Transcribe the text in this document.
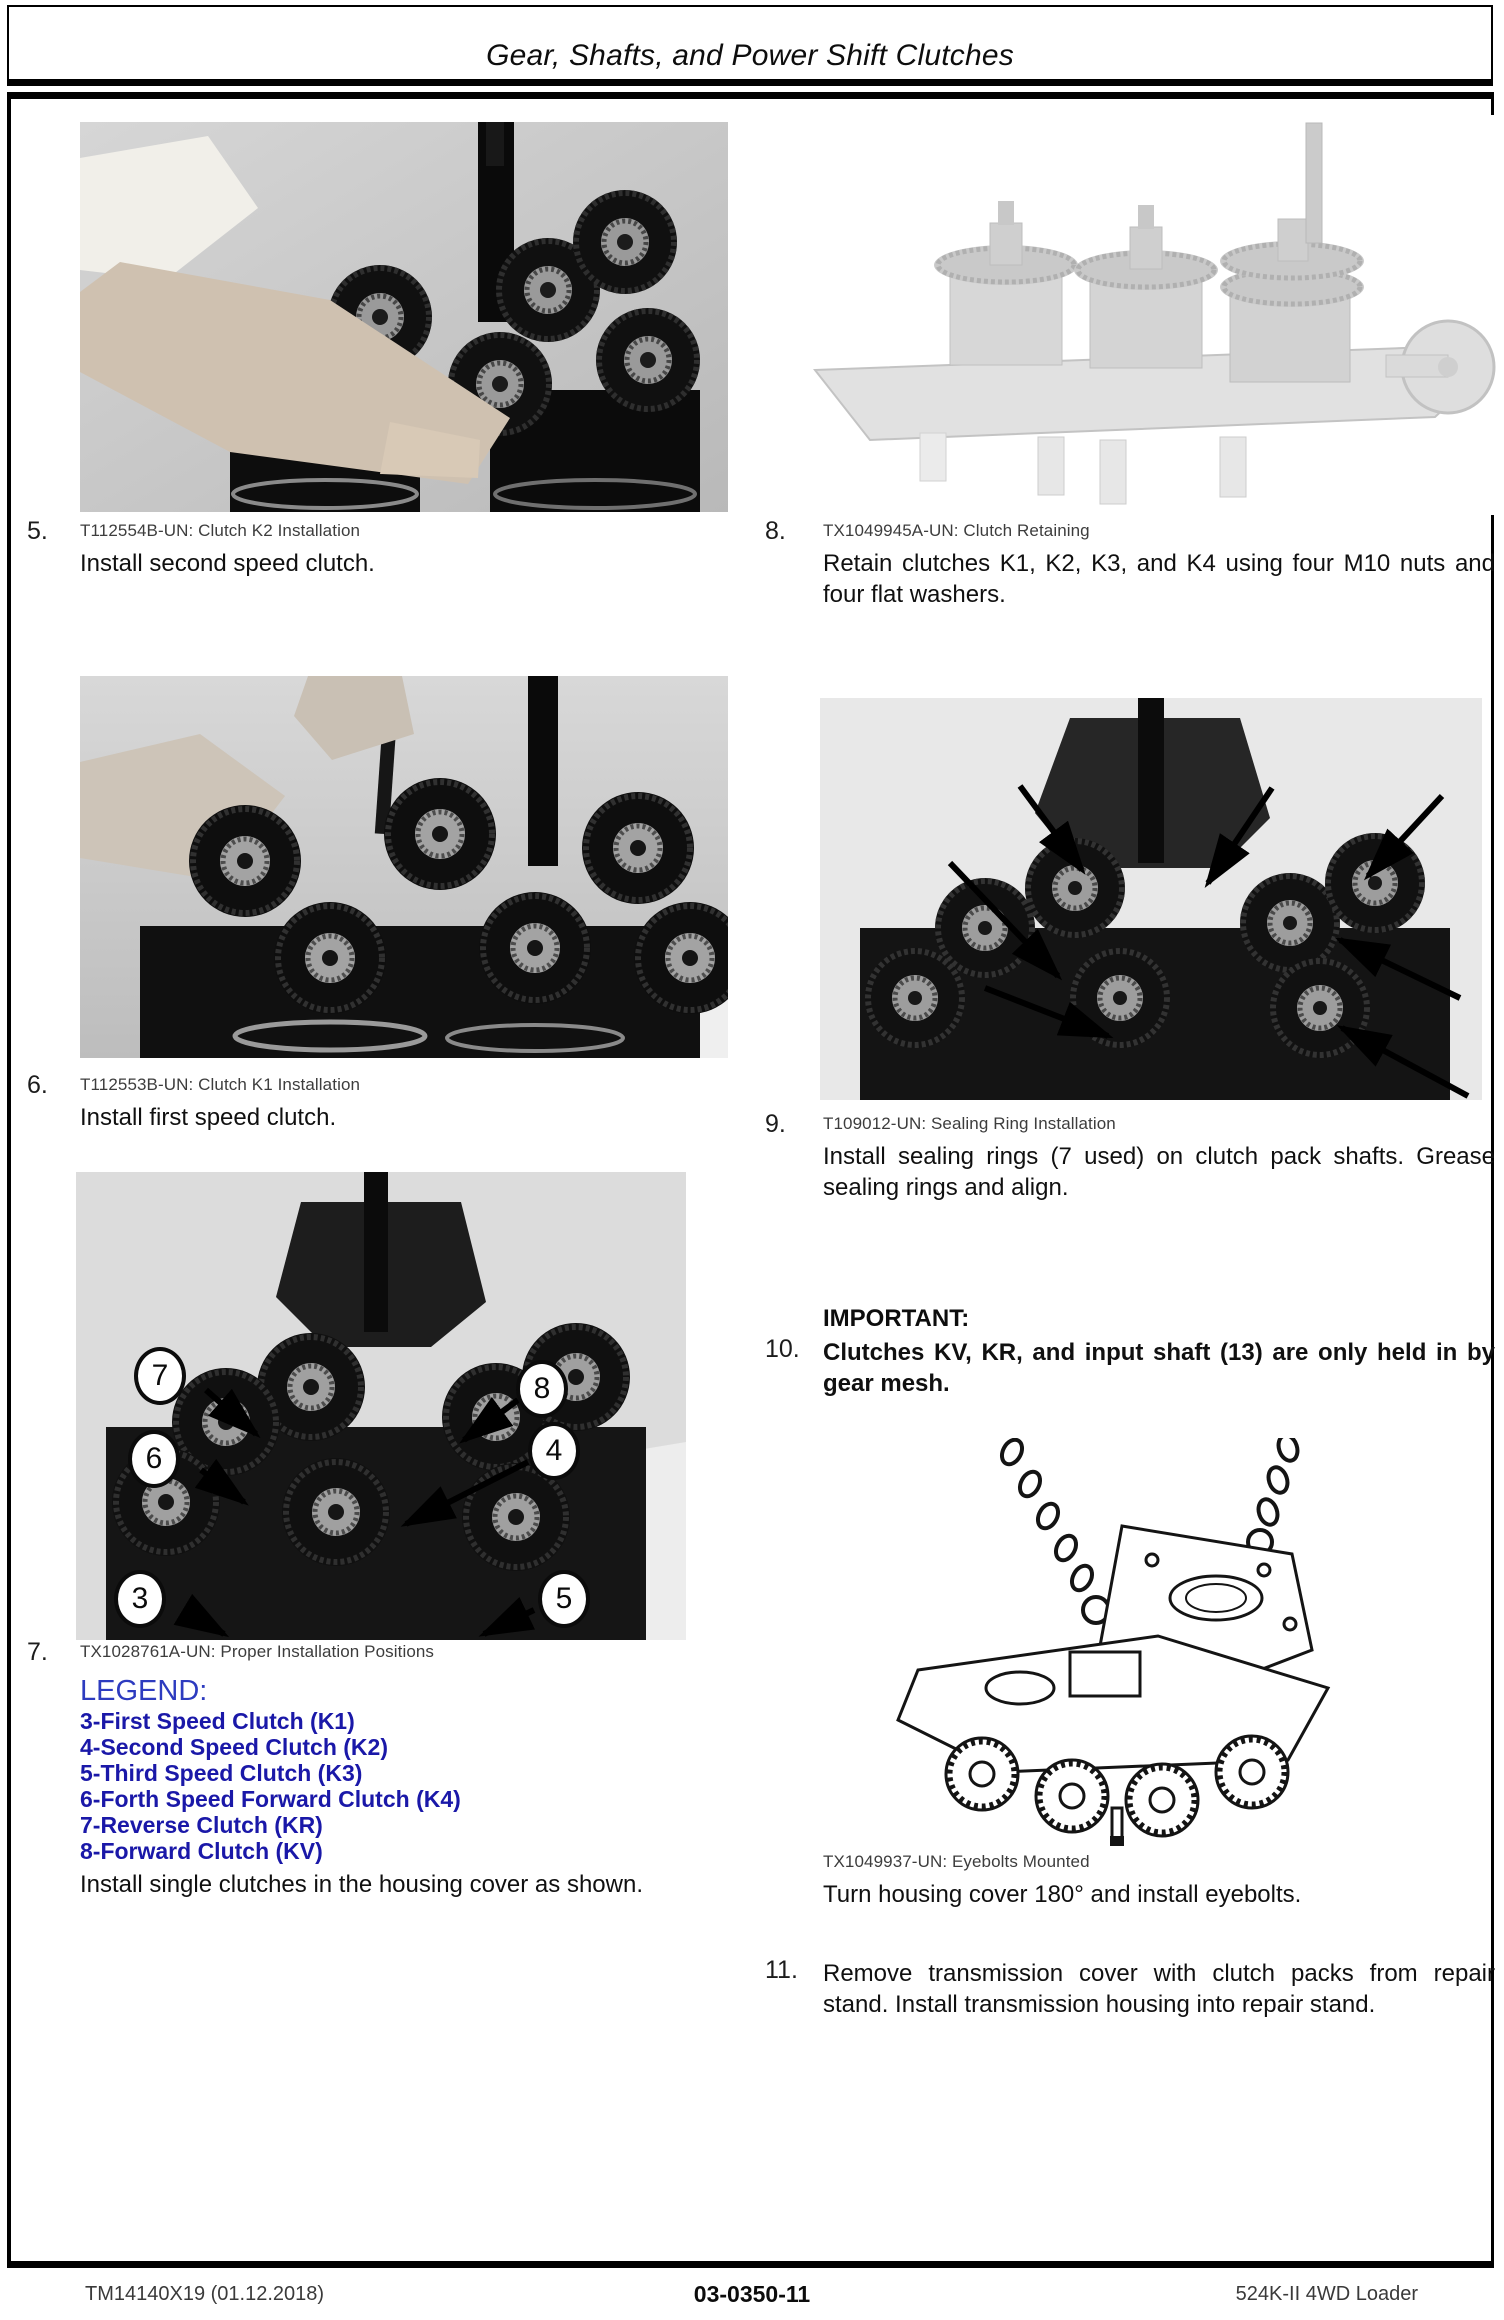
Gear, Shafts, and Power Shift Clutches
5.	T112554B-UN: Clutch K2 Installation
Install second speed clutch.
8.	TX1049945A-UN: Clutch Retaining
Retain clutches K1, K2, K3, and K4 using four M10 nuts and four flat washers.
6.	T112553B-UN: Clutch K1 Installation
Install first speed clutch.	9.	T109012-UN: Sealing Ring Installation
Install sealing rings (7 used) on clutch pack shafts. Grease sealing rings and align.
IMPORTANT:
10. Clutches KV, KR, and input shaft (13) are only held in by gear mesh.
7
6
3
8
4
5
7.	TX1028761A-UN: Proper Installation Positions
LEGEND:
3-First Speed Clutch (K1)
4-Second Speed Clutch (K2)
5-Third Speed Clutch (K3)
6-Forth Speed Forward Clutch (K4)
7-Reverse Clutch (KR)
8-Forward Clutch (KV)
Install single clutches in the housing cover as shown.
TX1049937-UN: Eyebolts Mounted
Turn housing cover 180° and install eyebolts.
11.	Remove transmission cover with clutch packs from repair stand. Install transmission housing into repair stand.
TM14140X19 (01.12.2018)	03-0350-11	524K-II 4WD Loader
